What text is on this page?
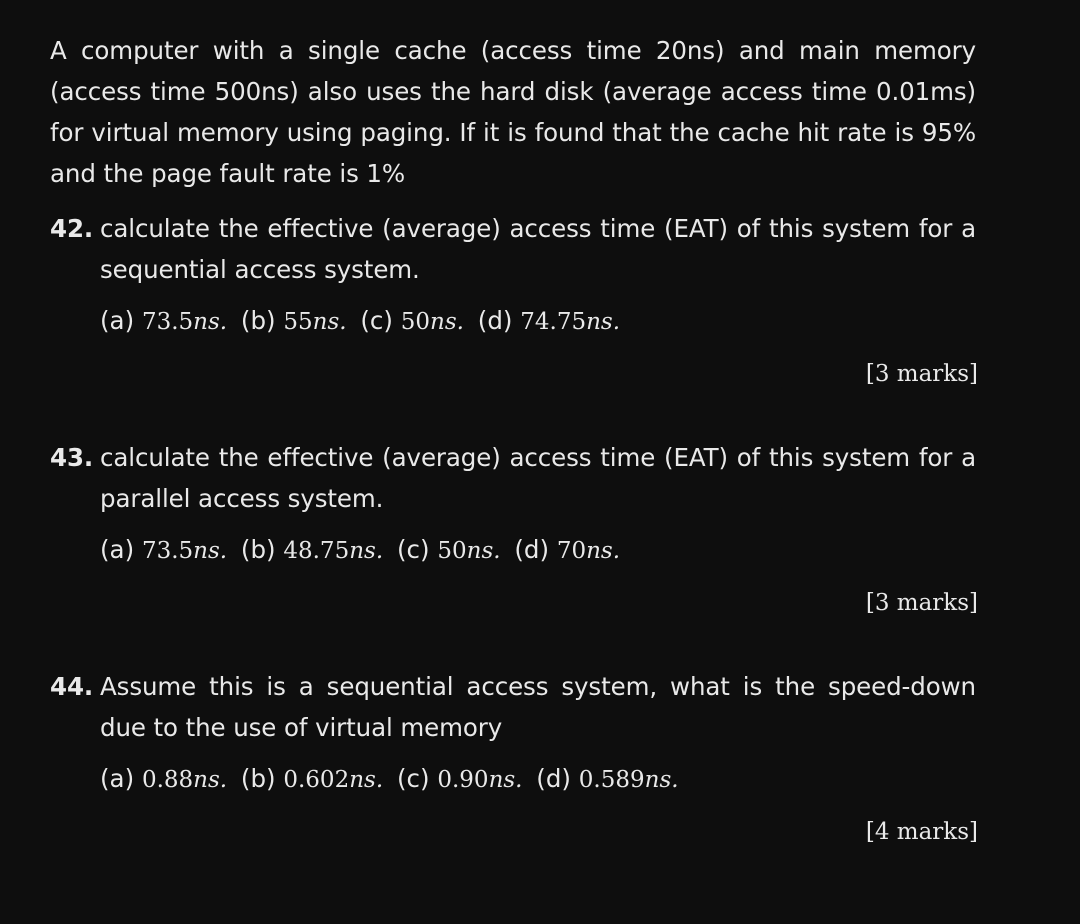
A computer with a single cache (access time 20ns) and main memory (access time 500ns) also uses the hard disk (average access time 0.01ms) for virtual memory using paging. If it is found that the cache hit rate is 95% and the page fault rate is 1%

42. calculate the effective (average) access time (EAT) of this system for a sequential access system.

(a) 73.5ns. (b) 55ns. (c) 50ns. (d) 74.75ns.
[3 marks]

43. calculate the effective (average) access time (EAT) of this system for a parallel access system.

(a) 73.5ns. (b) 48.75ns. (c) 50ns. (d) 70ns.
[3 marks]

44. Assume this is a sequential access system, what is the speed-down due to the use of virtual memory

(a) 0.88ns. (b) 0.602ns. (c) 0.90ns. (d) 0.589ns.
[4 marks]
